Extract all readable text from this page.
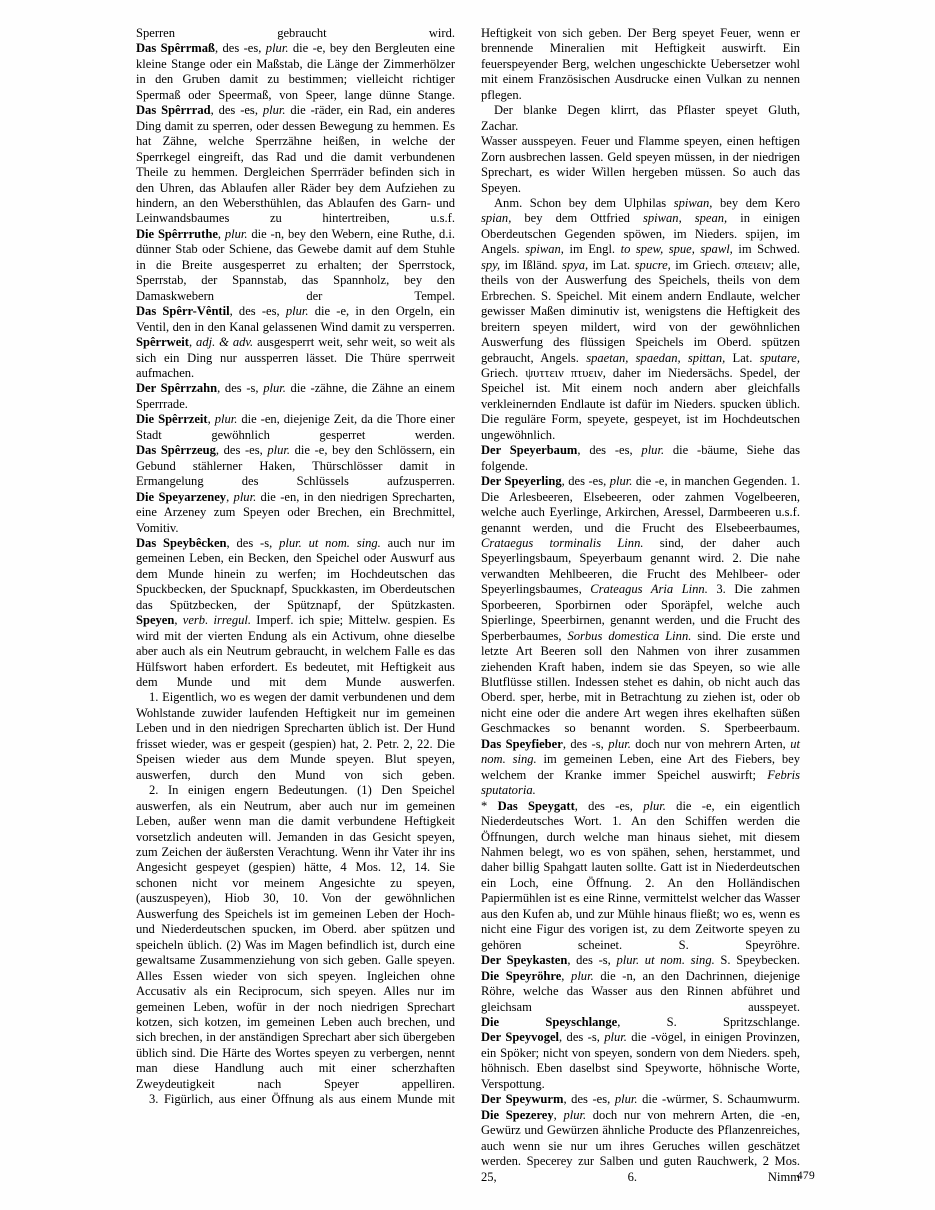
Sperren gebraucht wird.

Das Spêrrmaß, des -es, plur. die -e, bey den Bergleuten eine kleine Stange oder ein Maßstab, die Länge der Zimmerhölzer in den Gruben damit zu bestimmen; vielleicht richtiger Spermaß oder Speermaß, von Speer, lange dünne Stange.

Das Spêrrrad, des -es, plur. die -räder, ein Rad, ein anderes Ding damit zu sperren, oder dessen Bewegung zu hemmen. Es hat Zähne, welche Sperrzähne heißen, in welche der Sperrkegel eingreift, das Rad und die damit verbundenen Theile zu hemmen. Dergleichen Sperrräder befinden sich in den Uhren, das Ablaufen aller Räder bey dem Aufziehen zu hindern, an den Webersthühlen, das Ablaufen des Garn- und Leinwandsbaumes zu hintertreiben, u.s.f.

Die Spêrrruthe, plur. die -n, bey den Webern, eine Ruthe, d.i. dünner Stab oder Schiene, das Gewebe damit auf dem Stuhle in die Breite ausgesperret zu erhalten; der Sperrstock, Sperrstab, der Spannstab, das Spannholz, bey den Damaskwebern der Tempel.

Das Spêrr-Vêntil, des -es, plur. die -e, in den Orgeln, ein Ventil, den in den Kanal gelassenen Wind damit zu versperren.

Spêrrweit, adj. & adv. ausgesperrt weit, sehr weit, so weit als sich ein Ding nur aussperren lässet. Die Thüre sperrweit aufmachen.

Der Spêrrzahn, des -s, plur. die -zähne, die Zähne an einem Sperrrade.

Die Spêrrzeit, plur. die -en, diejenige Zeit, da die Thore einer Stadt gewöhnlich gesperret werden.

Das Spêrrzeug, des -es, plur. die -e, bey den Schlössern, ein Gebund stählerner Haken, Thürschlösser damit in Ermangelung des Schlüssels aufzusperren.

Die Speyarzeney, plur. die -en, in den niedrigen Sprecharten, eine Arzeney zum Speyen oder Brechen, ein Brechmittel, Vomitiv.

Das Speybêcken, des -s, plur. ut nom. sing. auch nur im gemeinen Leben, ein Becken, den Speichel oder Auswurf aus dem Munde hinein zu werfen; im Hochdeutschen das Spuckbecken, der Spucknapf, Spuckkasten, im Oberdeutschen das Spützbecken, der Spütznapf, der Spützkasten.

Speyen, verb. irregul. Imperf. ich spie; Mittelw. gespien. Es wird mit der vierten Endung als ein Activum, ohne dieselbe aber auch als ein Neutrum gebraucht, in welchem Falle es das Hülfswort haben erfordert. Es bedeutet, mit Heftigkeit aus dem Munde und mit dem Munde auswerfen.

1. Eigentlich, wo es wegen der damit verbundenen und dem Wohlstande zuwider laufenden Heftigkeit nur im gemeinen Leben und in den niedrigen Sprecharten üblich ist. Der Hund frisset wieder, was er gespeit (gespien) hat, 2. Petr. 2, 22. Die Speisen wieder aus dem Munde speyen. Blut speyen, auswerfen, durch den Mund von sich geben.

2. In einigen engern Bedeutungen. (1) Den Speichel auswerfen, als ein Neutrum, aber auch nur im gemeinen Leben, außer wenn man die damit verbundene Heftigkeit vorsetzlich andeuten will. Jemanden in das Gesicht speyen, zum Zeichen der äußersten Verachtung. Wenn ihr Vater ihr ins Angesicht gespeyet (gespien) hätte, 4 Mos. 12, 14. Sie schonen nicht vor meinem Angesichte zu speyen, (auszuspeyen), Hiob 30, 10. Von der gewöhnlichen Auswerfung des Speichels ist im gemeinen Leben der Hoch- und Niederdeutschen spucken, im Oberd. aber spützen und speicheln üblich. (2) Was im Magen befindlich ist, durch eine gewaltsame Zusammenziehung von sich geben. Galle speyen. Alles Essen wieder von sich speyen. Ingleichen ohne Accusativ als ein Reciprocum, sich speyen. Alles nur im gemeinen Leben, wofür in der noch niedrigen Sprechart kotzen, sich kotzen, im gemeinen Leben auch brechen, und sich brechen, in der anständigen Sprechart aber sich übergeben üblich sind. Die Härte des Wortes speyen zu verbergen, nennt man diese Handlung auch mit einer scherzhaften Zweydeutigkeit nach Speyer appelliren.

3. Figürlich, aus einer Öffnung als aus einem Munde mit

Heftigkeit von sich geben. Der Berg speyet Feuer, wenn er brennende Mineralien mit Heftigkeit auswirft. Ein feuerspeyender Berg, welchen ungeschickte Uebersetzer wohl mit einem Französischen Ausdrucke einen Vulkan zu nennen pflegen.

Der blanke Degen klirrt, das Pflaster speyet Gluth,

Zachar.

Wasser ausspeyen. Feuer und Flamme speyen, einen heftigen Zorn ausbrechen lassen. Geld speyen müssen, in der niedrigen Sprechart, es wider Willen hergeben müssen. So auch das Speyen.

Anm. Schon bey dem Ulphilas spiwan, bey dem Kero spian, bey dem Ottfried spiwan, spean, in einigen Oberdeutschen Gegenden spöwen, im Nieders. spijen, im Angels. spiwan, im Engl. to spew, spue, spawl, im Schwed. spy, im Ißländ. spya, im Lat. spucre, im Griech. σπειειν; alle, theils von der Auswerfung des Speichels, theils von dem Erbrechen. S. Speichel. Mit einem andern Endlaute, welcher gewisser Maßen diminutiv ist, wenigstens die Heftigkeit des breitern speyen mildert, wird von der gewöhnlichen Auswerfung des flüssigen Speichels im Oberd. spützen gebraucht, Angels. spaetan, spaedan, spittan, Lat. sputare, Griech. ψυττειν πτυειν, daher im Niedersächs. Spedel, der Speichel ist. Mit einem noch andern aber gleichfalls verkleinernden Endlaute ist dafür im Nieders. spucken üblich. Die reguläre Form, speyete, gespeyet, ist im Hochdeutschen ungewöhnlich.

Der Speyerbaum, des -es, plur. die -bäume, Siehe das folgende.

Der Speyerling, des -es, plur. die -e, in manchen Gegenden. 1. Die Arlesbeeren, Elsebeeren, oder zahmen Vogelbeeren, welche auch Eyerlinge, Arkirchen, Aressel, Darmbeeren u.s.f. genannt werden, und die Frucht des Elsebeerbaumes, Crataegus torminalis Linn. sind, der daher auch Speyerlingsbaum, Speyerbaum genannt wird. 2. Die nahe verwandten Mehlbeeren, die Frucht des Mehlbeer- oder Speyerlingsbaumes, Crateagus Aria Linn. 3. Die zahmen Sporbeeren, Sporbirnen oder Sporäpfel, welche auch Spierlinge, Speerbirnen, genannt werden, und die Frucht des Sperberbaumes, Sorbus domestica Linn. sind. Die erste und letzte Art Beeren soll den Nahmen von ihrer zusammen ziehenden Kraft haben, indem sie das Speyen, so wie alle Blutflüsse stillen. Indessen stehet es dahin, ob nicht auch das Oberd. sper, herbe, mit in Betrachtung zu ziehen ist, oder ob nicht eine oder die andere Art wegen ihres ekelhaften süßen Geschmackes so benannt worden. S. Sperbeerbaum.

Das Speyfieber, des -s, plur. doch nur von mehrern Arten, ut nom. sing. im gemeinen Leben, eine Art des Fiebers, bey welchem der Kranke immer Speichel auswirft; Febris sputatoria.

* Das Speygatt, des -es, plur. die -e, ein eigentlich Niederdeutsches Wort. 1. An den Schiffen werden die Öffnungen, durch welche man hinaus siehet, mit diesem Nahmen belegt, wo es von spähen, sehen, herstammet, und daher billig Spahgatt lauten sollte. Gatt ist in Niederdeutschen ein Loch, eine Öffnung. 2. An den Holländischen Papiermühlen ist es eine Rinne, vermittelst welcher das Wasser aus den Kufen ab, und zur Mühle hinaus fließt; wo es, wenn es nicht eine Figur des vorigen ist, zu dem Zeitworte speyen zu gehören scheinet. S. Speyröhre.

Der Speykasten, des -s, plur. ut nom. sing. S. Speybecken.

Die Speyröhre, plur. die -n, an den Dachrinnen, diejenige Röhre, welche das Wasser aus den Rinnen abführet und gleichsam ausspeyet.

Die Speyschlange, S. Spritzschlange.

Der Speyvogel, des -s, plur. die -vögel, in einigen Provinzen, ein Spöker; nicht von speyen, sondern von dem Nieders. speh, höhnisch. Eben daselbst sind Speyworte, höhnische Worte, Verspottung.

Der Speywurm, des -es, plur. die -würmer, S. Schaumwurm.

Die Spezerey, plur. doch nur von mehrern Arten, die -en, Gewürz und Gewürzen ähnliche Producte des Pflanzenreiches, auch wenn sie nur um ihres Geruches willen geschätzet werden. Specerey zur Salben und guten Rauchwerk, 2 Mos. 25, 6. Nimm

479
